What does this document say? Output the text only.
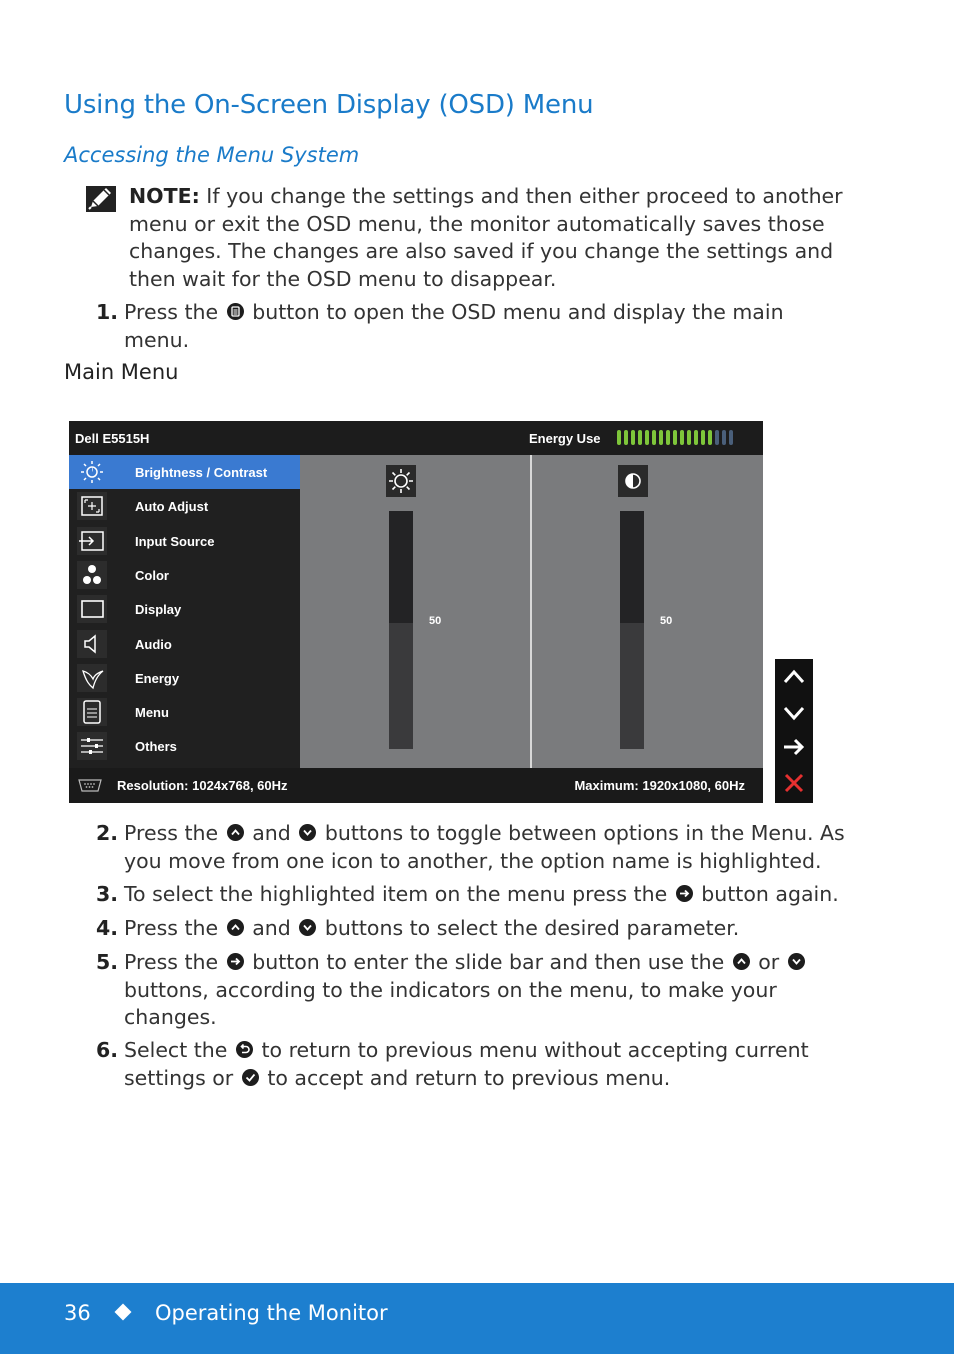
Using the On-Screen Display (OSD) Menu
Accessing the Menu System
NOTE: If you change the settings and then either proceed to another menu or exit the OSD menu, the monitor automatically saves those changes. The changes are also saved if you change the settings and then wait for the OSD menu to disappear.
1. Press the button to open the OSD menu and display the main menu.
Main Menu
Dell E5515H	Energy Use
Brightness / Contrast
Auto Adjust
Input Source
Color
Display
Audio
Energy
Menu
Others
50	50
Resolution: 1024x768, 60Hz	Maximum: 1920x1080, 60Hz
2. Press the and buttons to toggle between options in the Menu. As you move from one icon to another, the option name is highlighted.
3. To select the highlighted item on the menu press the button again.
4. Press the and buttons to select the desired parameter.
5. Press the button to enter the slide bar and then use the or
buttons, according to the indicators on the menu, to make your changes.
6. Select the to return to previous menu without accepting current settings or to accept and return to previous menu.
36	Operating the Monitor
